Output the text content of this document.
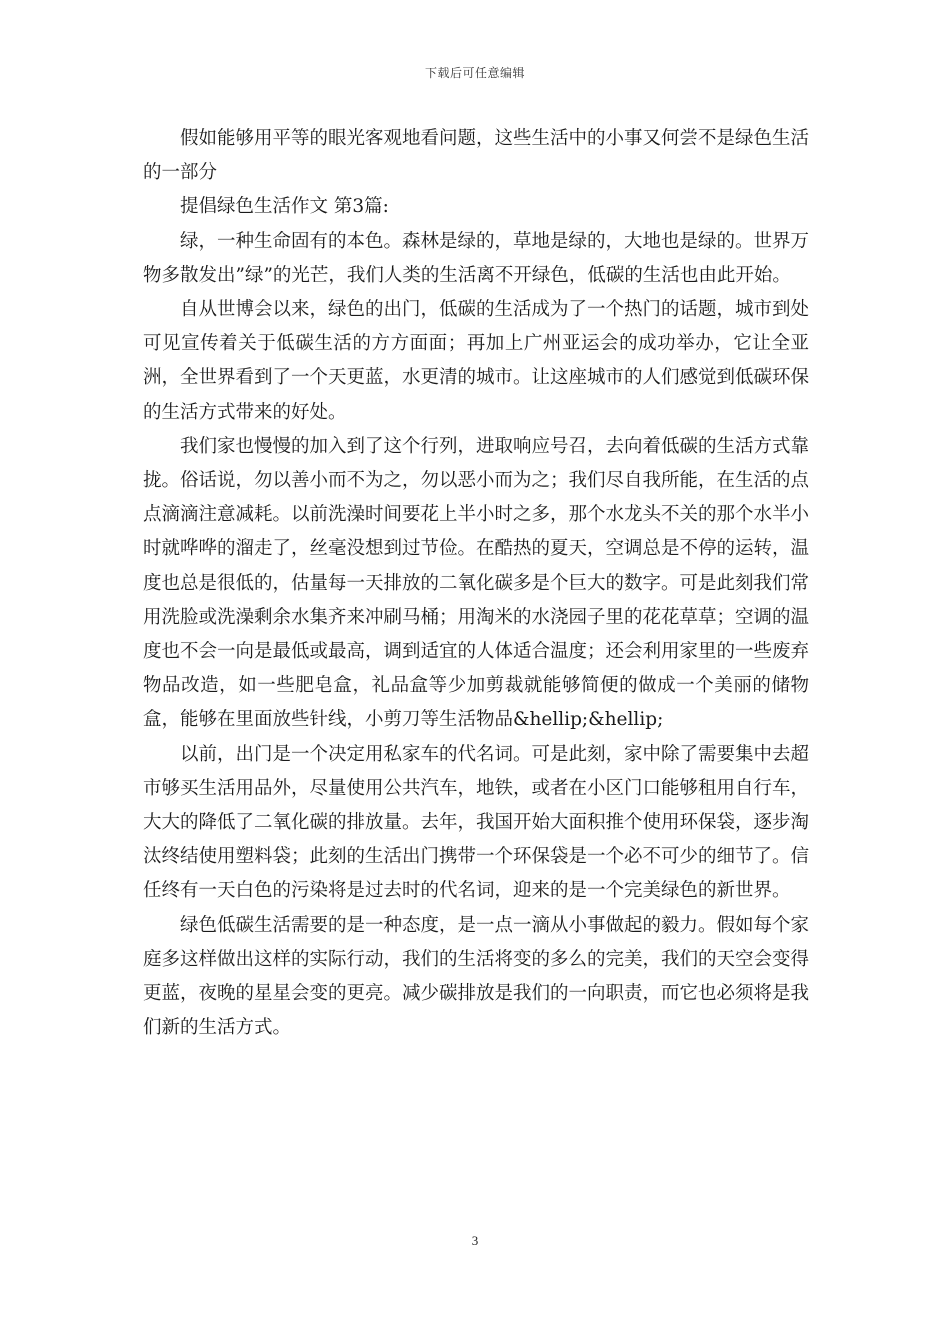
下载后可任意编辑

假如能够用平等的眼光客观地看问题，这些生活中的小事又何尝不是绿色生活的一部分

提倡绿色生活作文 第3篇:

绿，一种生命固有的本色。森林是绿的，草地是绿的，大地也是绿的。世界万物多散发出”绿”的光芒，我们人类的生活离不开绿色，低碳的生活也由此开始。

自从世博会以来，绿色的出门，低碳的生活成为了一个热门的话题，城市到处可见宣传着关于低碳生活的方方面面；再加上广州亚运会的成功举办，它让全亚洲，全世界看到了一个天更蓝，水更清的城市。让这座城市的人们感觉到低碳环保的生活方式带来的好处。

我们家也慢慢的加入到了这个行列，进取响应号召，去向着低碳的生活方式靠拢。俗话说，勿以善小而不为之，勿以恶小而为之；我们尽自我所能，在生活的点点滴滴注意减耗。以前洗澡时间要花上半小时之多，那个水龙头不关的那个水半小时就哗哗的溜走了，丝毫没想到过节俭。在酷热的夏天，空调总是不停的运转，温度也总是很低的，估量每一天排放的二氧化碳多是个巨大的数字。可是此刻我们常用洗脸或洗澡剩余水集齐来冲刷马桶；用淘米的水浇园子里的花花草草；空调的温度也不会一向是最低或最高，调到适宜的人体适合温度；还会利用家里的一些废弃物品改造，如一些肥皂盒，礼品盒等少加剪裁就能够简便的做成一个美丽的储物盒，能够在里面放些针线，小剪刀等生活物品&hellip;&hellip;

以前，出门是一个决定用私家车的代名词。可是此刻，家中除了需要集中去超市够买生活用品外，尽量使用公共汽车，地铁，或者在小区门口能够租用自行车，大大的降低了二氧化碳的排放量。去年，我国开始大面积推个使用环保袋，逐步淘汰终结使用塑料袋；此刻的生活出门携带一个环保袋是一个必不可少的细节了。信任终有一天白色的污染将是过去时的代名词，迎来的是一个完美绿色的新世界。

绿色低碳生活需要的是一种态度，是一点一滴从小事做起的毅力。假如每个家庭多这样做出这样的实际行动，我们的生活将变的多么的完美，我们的天空会变得更蓝，夜晚的星星会变的更亮。减少碳排放是我们的一向职责，而它也必须将是我们新的生活方式。

3
